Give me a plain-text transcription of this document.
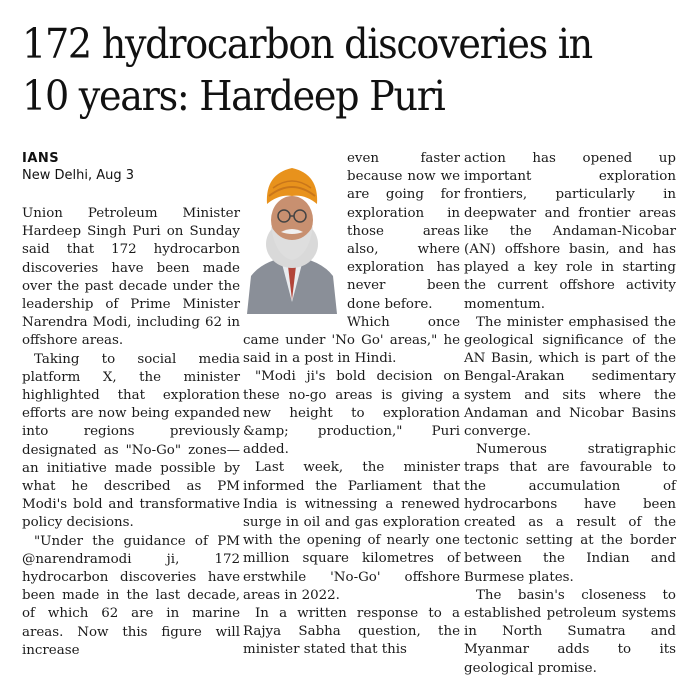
172 hydrocarbon discoveries in
10 years: Hardeep Puri
IANS
New Delhi, Aug 3

Union Petroleum Minister Hardeep Singh Puri on Sunday said that 172 hydrocarbon discoveries have been made over the past decade under the leadership of Prime Minister Narendra Modi, including 62 in offshore areas.

Taking to social media platform X, the minister highlighted that exploration efforts are now being expanded into regions previously designated as "No-Go" zones—an initiative made possible by what he described as PM Modi's bold and transformative policy decisions.

"Under the guidance of PM @narendramodi ji, 172 hydrocarbon discoveries have been made in the last decade, of which 62 are in marine areas. Now this figure will increase

even faster because now we are going for exploration in those areas also, where exploration has never been done before.

Which once came under 'No Go' areas," he said in a post in Hindi.

"Modi ji's bold decision on these no-go areas is giving a new height to exploration &amp; production," Puri added.

Last week, the minister informed the Parliament that India is witnessing a renewed surge in oil and gas exploration with the opening of nearly one million square kilometres of erstwhile 'No-Go' offshore areas in 2022.

In a written response to a Rajya Sabha question, the minister stated that this

action has opened up important exploration frontiers, particularly in deepwater and frontier areas like the Andaman-Nicobar (AN) offshore basin, and has played a key role in starting the current offshore activity momentum.

The minister emphasised the geological significance of the AN Basin, which is part of the Bengal-Arakan sedimentary system and sits where the Andaman and Nicobar Basins converge.

Numerous stratigraphic traps that are favourable to the accumulation of hydrocarbons have been created as a result of the tectonic setting at the border between the Indian and Burmese plates.

The basin's closeness to established petroleum systems in North Sumatra and Myanmar adds to its geological promise.
